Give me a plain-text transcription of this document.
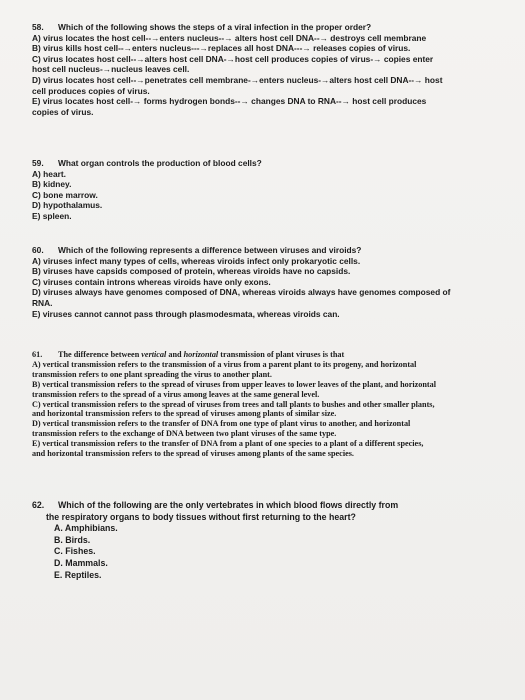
58. Which of the following shows the steps of a viral infection in the proper order?

A) virus locates the host cell--→enters nucleus--→ alters host cell DNA--→ destroys cell membrane

B) virus kills host cell--→enters nucleus---→replaces all host DNA---→ releases copies of virus.

C) virus locates host cell--→alters host cell DNA-→host cell produces copies of virus-→ copies enter

host cell nucleus-→nucleus leaves cell.

D) virus locates host cell--→penetrates cell membrane-→enters nucleus-→alters host cell DNA--→ host

cell produces copies of virus.

E) virus locates host cell-→ forms hydrogen bonds--→ changes DNA to RNA--→ host cell produces

copies of virus.

59. What organ controls the production of blood cells?

A) heart.

B) kidney.

C) bone marrow.

D) hypothalamus.

E) spleen.

60. Which of the following represents a difference between viruses and viroids?

A) viruses infect many types of cells, whereas viroids infect only prokaryotic cells.

B) viruses have capsids composed of protein, whereas viroids have no capsids.

C) viruses contain introns whereas viroids have only exons.

D) viruses always have genomes composed of DNA, whereas viroids always have genomes composed of

RNA.

E) viruses cannot cannot pass through plasmodesmata, whereas viroids can.

61. The difference between vertical and horizontal transmission of plant viruses is that

A) vertical transmission refers to the transmission of a virus from a parent plant to its progeny, and horizontal

transmission refers to one plant spreading the virus to another plant.

B) vertical transmission refers to the spread of viruses from upper leaves to lower leaves of the plant, and horizontal

transmission refers to the spread of a virus among leaves at the same general level.

C) vertical transmission refers to the spread of viruses from trees and tall plants to bushes and other smaller plants,

and horizontal transmission refers to the spread of viruses among plants of similar size.

D) vertical transmission refers to the transfer of DNA from one type of plant virus to another, and horizontal

transmission refers to the exchange of DNA between two plant viruses of the same type.

E) vertical transmission refers to the transfer of DNA from a plant of one species to a plant of a different species,

and horizontal transmission refers to the spread of viruses among plants of the same species.

62. Which of the following are the only vertebrates in which blood flows directly from

the respiratory organs to body tissues without first returning to the heart?

A. Amphibians.

B. Birds.

C. Fishes.

D. Mammals.

E. Reptiles.
